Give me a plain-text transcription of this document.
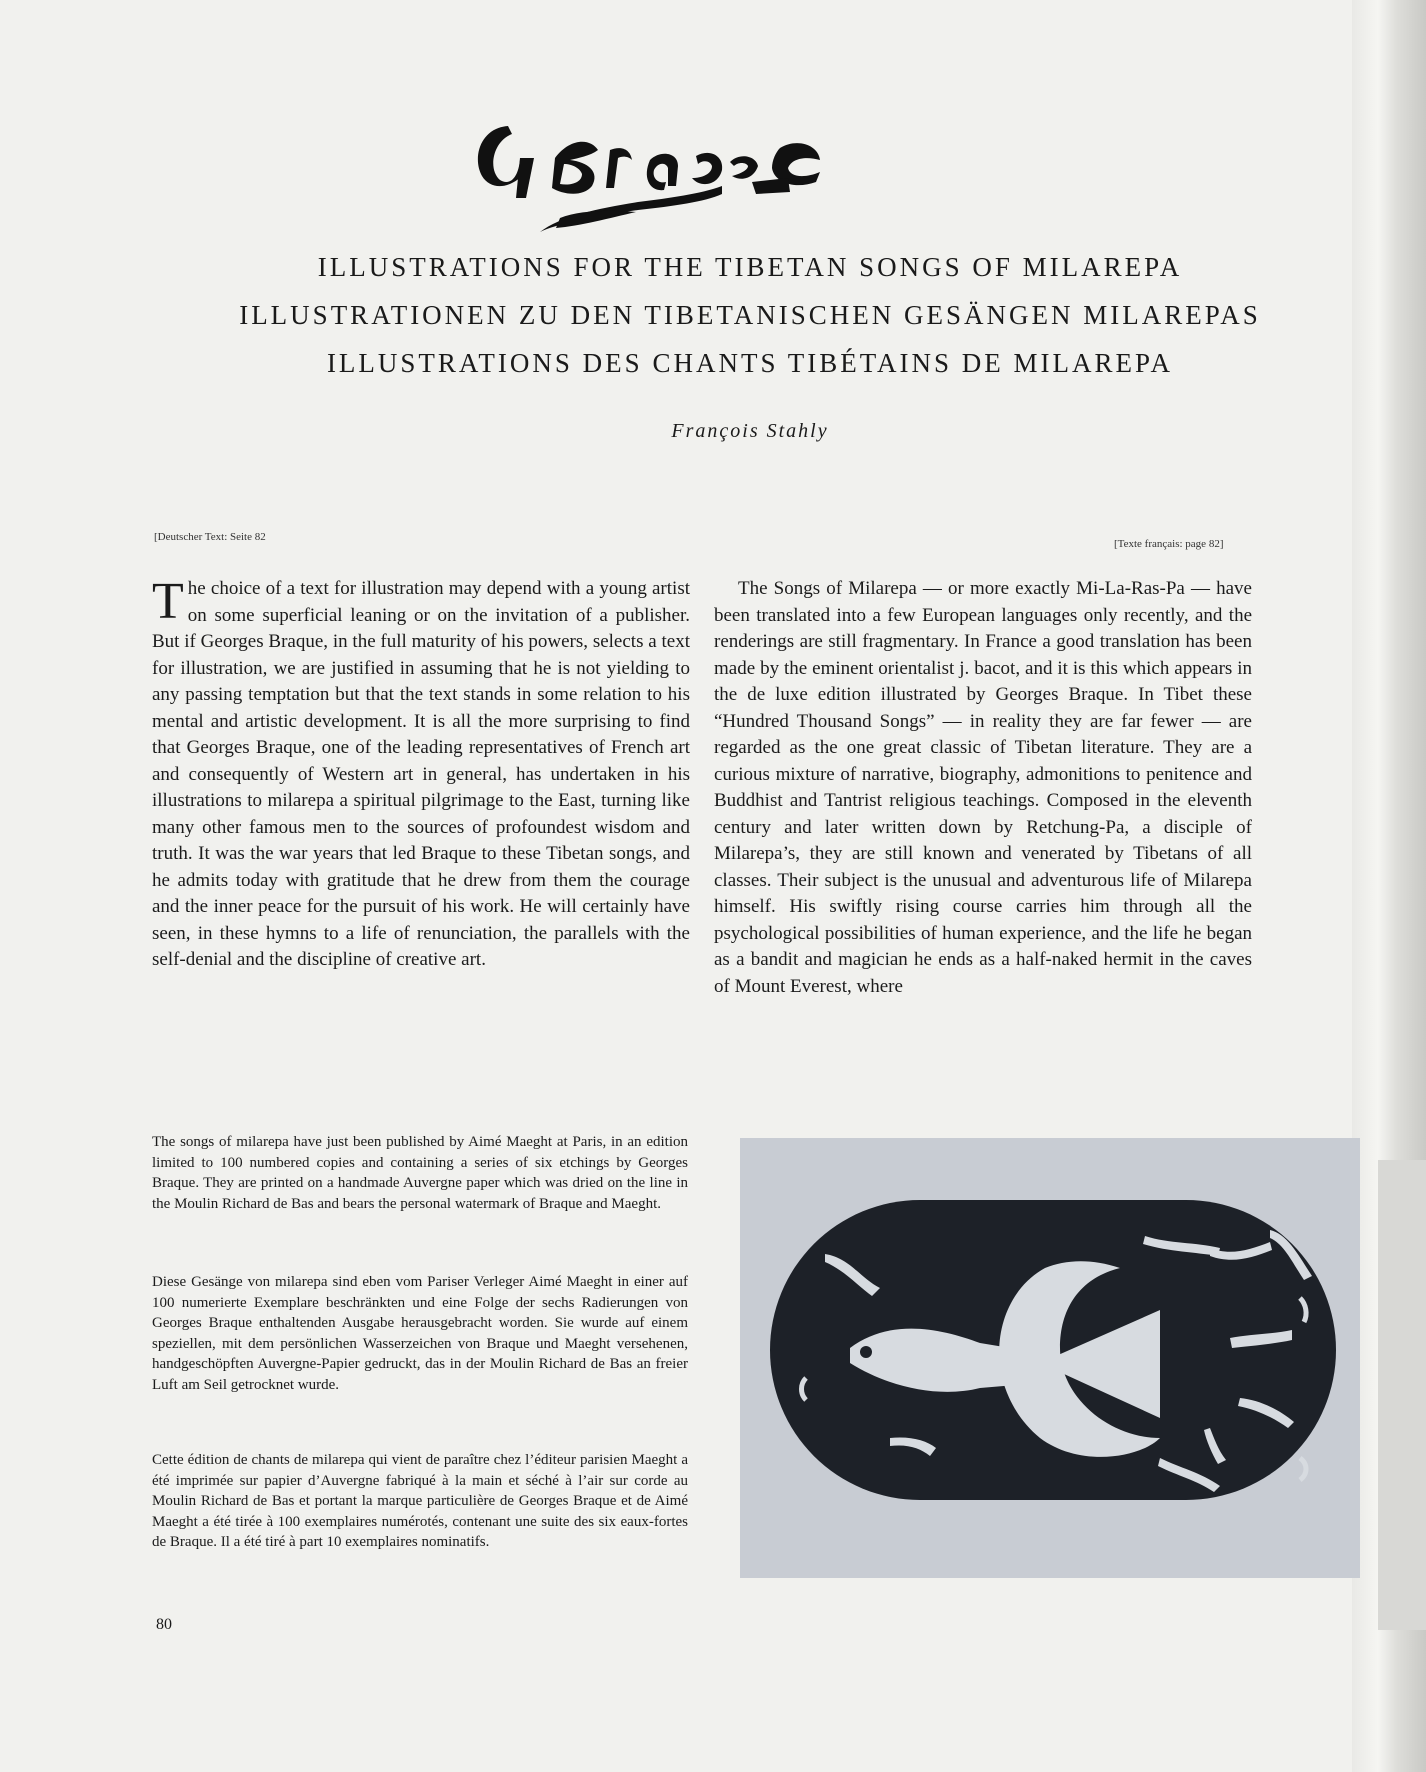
ILLUSTRATIONS FOR THE TIBETAN SONGS OF MILAREPA
ILLUSTRATIONEN ZU DEN TIBETANISCHEN GESÄNGEN MILAREPAS
ILLUSTRATIONS DES CHANTS TIBÉTAINS DE MILAREPA
François Stahly
[Deutscher Text: Seite 82
[Texte français: page 82]
The choice of a text for illustration may depend with a young artist on some superficial leaning or on the invitation of a publisher. But if Georges Braque, in the full maturity of his powers, selects a text for illustration, we are justified in assuming that he is not yielding to any passing temptation but that the text stands in some relation to his mental and artistic development. It is all the more surprising to find that Georges Braque, one of the leading representatives of French art and consequently of Western art in general, has undertaken in his illustrations to milarepa a spiritual pilgrimage to the East, turning like many other famous men to the sources of profoundest wisdom and truth. It was the war years that led Braque to these Tibetan songs, and he admits today with gratitude that he drew from them the courage and the inner peace for the pursuit of his work. He will certainly have seen, in these hymns to a life of renunciation, the parallels with the self-denial and the discipline of creative art.
The Songs of Milarepa — or more exactly Mi-La-Ras-Pa — have been translated into a few European languages only recently, and the renderings are still fragmentary. In France a good translation has been made by the eminent orientalist j. bacot, and it is this which appears in the de luxe edition illustrated by Georges Braque. In Tibet these “Hundred Thousand Songs” — in reality they are far fewer — are regarded as the one great classic of Tibetan literature. They are a curious mixture of narrative, biography, admonitions to penitence and Buddhist and Tantrist religious teachings. Composed in the eleventh century and later written down by Retchung-Pa, a disciple of Milarepa’s, they are still known and venerated by Tibetans of all classes. Their subject is the unusual and adventurous life of Milarepa himself. His swiftly rising course carries him through all the psychological possibilities of human experience, and the life he began as a bandit and magician he ends as a half-naked hermit in the caves of Mount Everest, where
The songs of milarepa have just been published by Aimé Maeght at Paris, in an edition limited to 100 numbered copies and containing a series of six etchings by Georges Braque. They are printed on a handmade Auvergne paper which was dried on the line in the Moulin Richard de Bas and bears the personal watermark of Braque and Maeght.
Diese Gesänge von milarepa sind eben vom Pariser Verleger Aimé Maeght in einer auf 100 numerierte Exemplare beschränkten und eine Folge der sechs Radierungen von Georges Braque enthaltenden Ausgabe herausgebracht worden. Sie wurde auf einem speziellen, mit dem persönlichen Wasserzeichen von Braque und Maeght versehenen, handgeschöpften Auvergne-Papier gedruckt, das in der Moulin Richard de Bas an freier Luft am Seil getrocknet wurde.
Cette édition de chants de milarepa qui vient de paraître chez l’éditeur parisien Maeght a été imprimée sur papier d’Auvergne fabriqué à la main et séché à l’air sur corde au Moulin Richard de Bas et portant la marque particulière de Georges Braque et de Aimé Maeght a été tirée à 100 exemplaires numérotés, contenant une suite des six eaux-fortes de Braque. Il a été tiré à part 10 exemplaires nominatifs.
80
